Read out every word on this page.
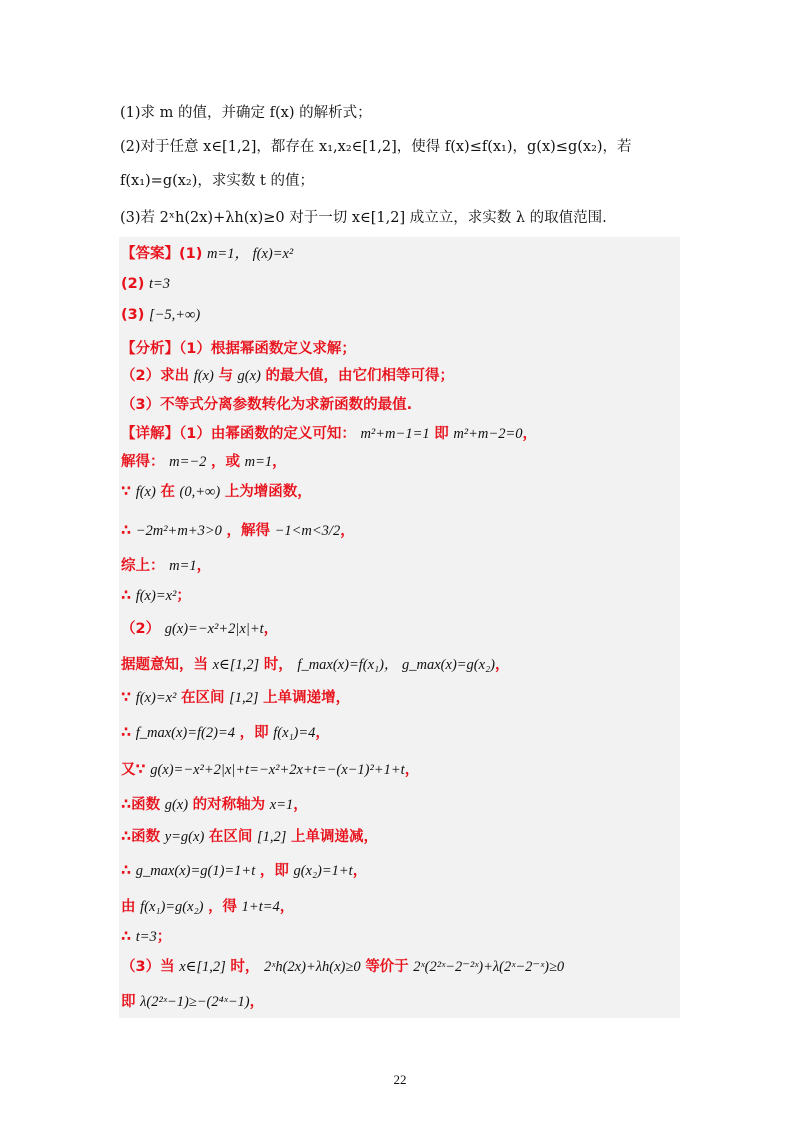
(1)求 m 的值，并确定 f(x) 的解析式；
(2)对于任意 x∈[1,2]，都存在 x₁,x₂∈[1,2]，使得 f(x)≤f(x₁)，g(x)≤g(x₂)，若
f(x₁)=g(x₂)，求实数 t 的值；
(3)若 2ˣh(2x)+λh(x)≥0 对于一切 x∈[1,2] 成立立，求实数 λ 的取值范围.
【答案】(1) m=1， f(x)=x²
(2) t=3
(3) [−5,+∞)
【分析】（1）根据幂函数定义求解；
（2）求出 f(x) 与 g(x) 的最大值，由它们相等可得；
（3）不等式分离参数转化为求新函数的最值.
【详解】（1）由幂函数的定义可知： m²+m−1=1 即 m²+m−2=0，
解得： m=−2 ，或 m=1，
∵ f(x) 在 (0,+∞) 上为增函数，
∴ −2m²+m+3>0 ，解得 −1<m<3/2，
综上： m=1，
∴ f(x)=x²；
（2） g(x)=−x²+2|x|+t，
据题意知，当 x∈[1,2] 时， f_max(x)=f(x₁)， g_max(x)=g(x₂)，
∵ f(x)=x² 在区间 [1,2] 上单调递增，
∴ f_max(x)=f(2)=4 ，即 f(x₁)=4，
又∵ g(x)=−x²+2|x|+t=−x²+2x+t=−(x−1)²+1+t，
∴函数 g(x) 的对称轴为 x=1，
∴函数 y=g(x) 在区间 [1,2] 上单调递减，
∴ g_max(x)=g(1)=1+t ，即 g(x₂)=1+t，
由 f(x₁)=g(x₂) ，得 1+t=4，
∴ t=3；
（3）当 x∈[1,2] 时， 2ˣh(2x)+λh(x)≥0 等价于 2ˣ(2²ˣ−2⁻²ˣ)+λ(2ˣ−2⁻ˣ)≥0
即 λ(2²ˣ−1)≥−(2⁴ˣ−1)，
22
